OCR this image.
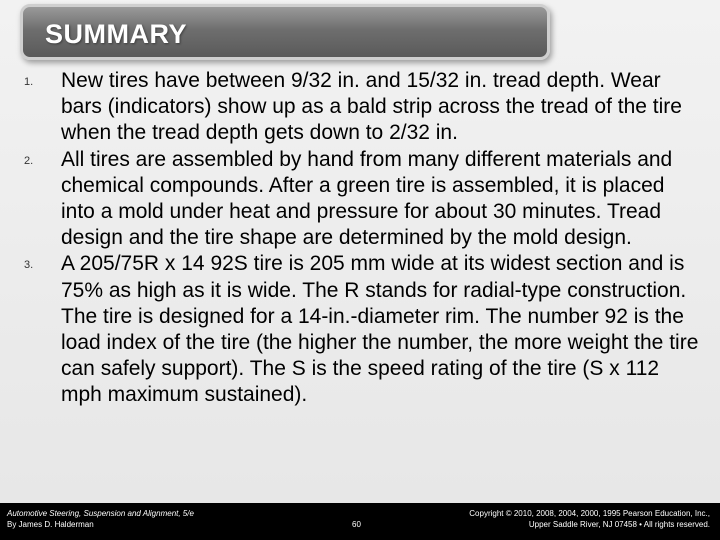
SUMMARY
1. New tires have between 9/32 in. and 15/32 in. tread depth. Wear bars (indicators) show up as a bald strip across the tread of the tire when the tread depth gets down to 2/32 in.
2. All tires are assembled by hand from many different materials and chemical compounds. After a green tire is assembled, it is placed into a mold under heat and pressure for about 30 minutes. Tread design and the tire shape are determined by the mold design.
3. A 205/75R x 14 92S tire is 205 mm wide at its widest section and is 75% as high as it is wide. The R stands for radial-type construction. The tire is designed for a 14-in.-diameter rim. The number 92 is the load index of the tire (the higher the number, the more weight the tire can safely support). The S is the speed rating of the tire (S x 112 mph maximum sustained).
Automotive Steering, Suspension and Alignment, 5/e
By James D. Halderman	60
Copyright © 2010, 2008, 2004, 2000, 1995 Pearson Education, Inc.,
Upper Saddle River, NJ 07458 • All rights reserved.
